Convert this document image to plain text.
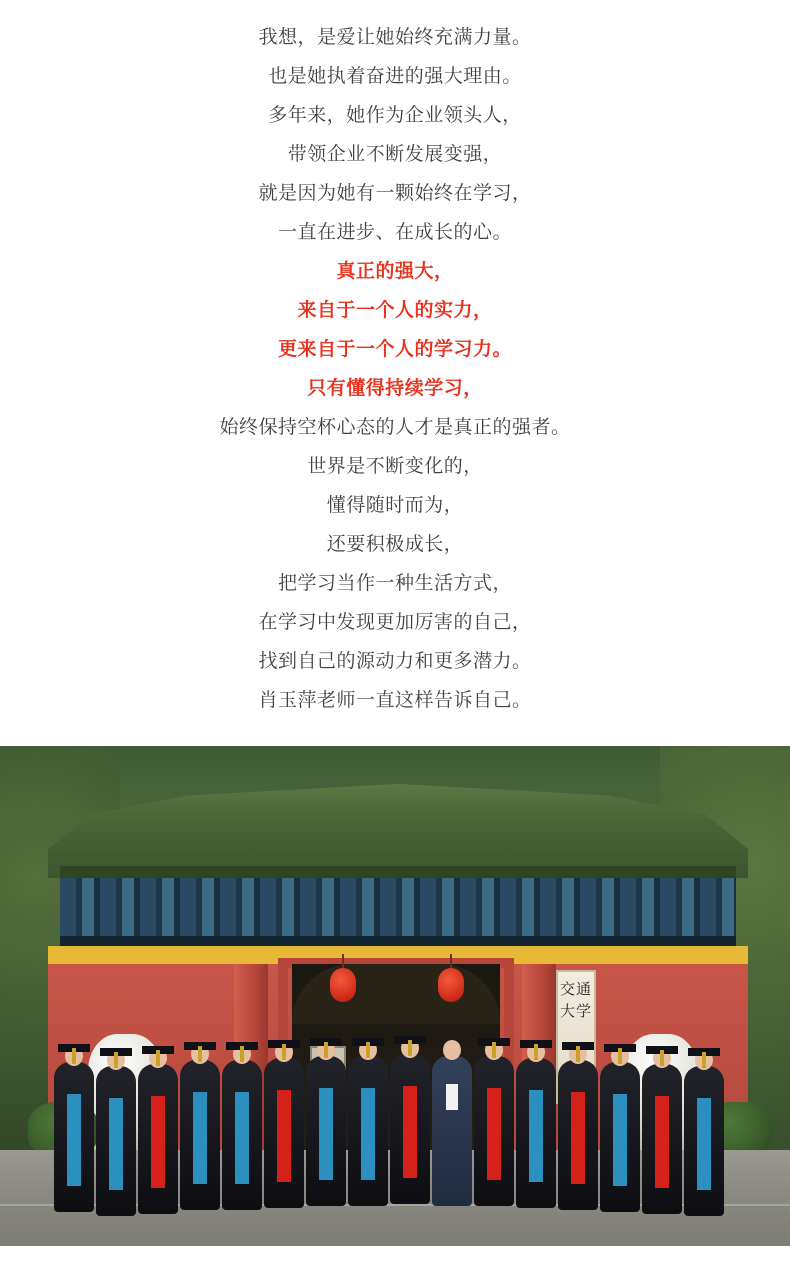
我想，是爱让她始终充满力量。
也是她执着奋进的强大理由。
多年来，她作为企业领头人，
带领企业不断发展变强，
就是因为她有一颗始终在学习，
一直在进步、在成长的心。
真正的强大，
来自于一个人的实力，
更来自于一个人的学习力。
只有懂得持续学习，
始终保持空杯心态的人才是真正的强者。
世界是不断变化的，
懂得随时而为，
还要积极成长，
把学习当作一种生活方式，
在学习中发现更加厉害的自己，
找到自己的源动力和更多潜力。
肖玉萍老师一直这样告诉自己。
交通大学
